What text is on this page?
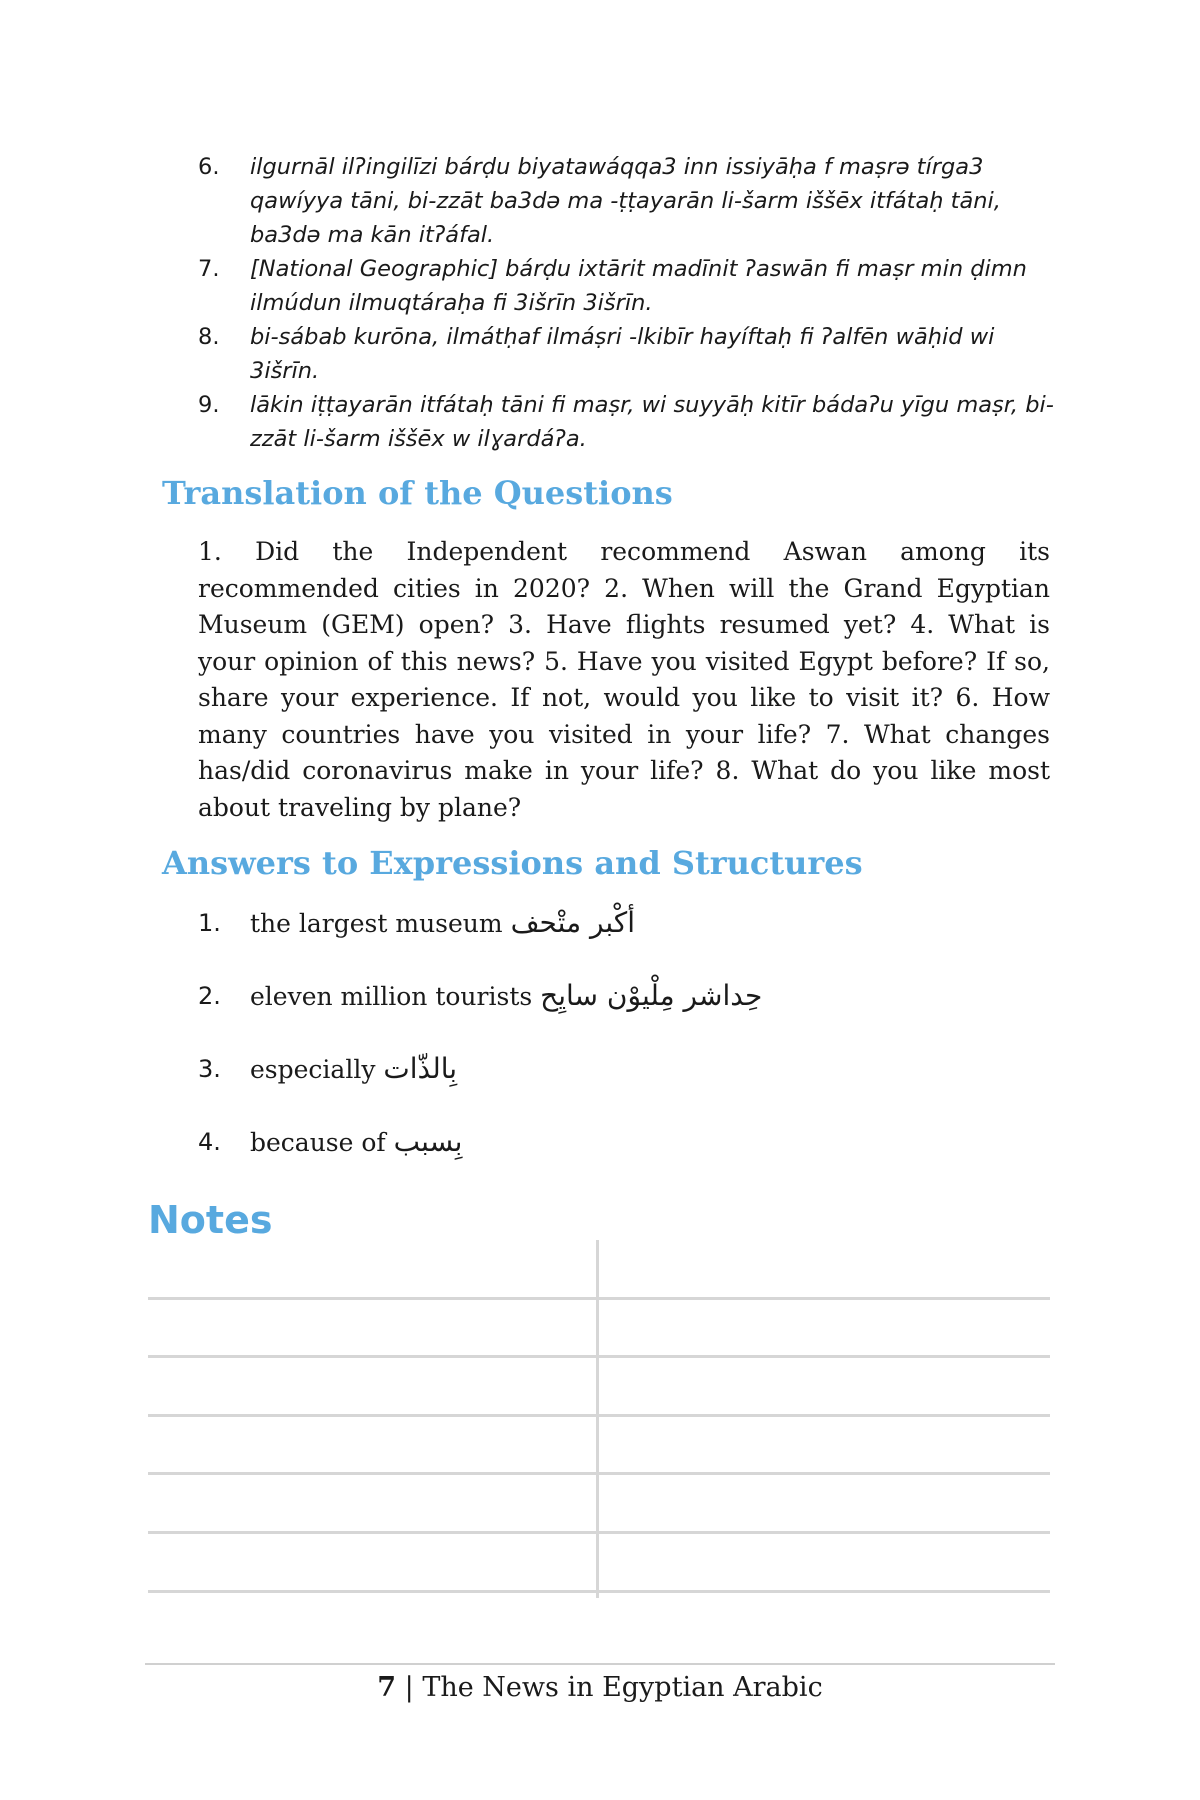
6. ilgurnāl ilʔingilīzi bárḍu biyatawáqqa3 inn issiyāḥa f maṣrə tírga3 qawíyya tāni, bi-zzāt ba3də ma -ṭṭayarān li-šarm iššēx itfátaḥ tāni, ba3də ma kān itʔáfal.
7. [National Geographic] bárḍu ixtārit madīnit ʔaswān fi maṣr min ḍimn ilmúdun ilmuqtáraḥa fi 3išrīn 3išrīn.
8. bi-sábab kurōna, ilmátḥaf ilmáṣri -lkibīr hayíftaḥ fi ʔalfēn wāḥid wi 3išrīn.
9. lākin iṭṭayarān itfátaḥ tāni fi maṣr, wi suyyāḥ kitīr bádaʔu yīgu maṣr, bi-zzāt li-šarm iššēx w ilɣardáʔa.
Translation of the Questions

1. Did the Independent recommend Aswan among its recommended cities in 2020? 2. When will the Grand Egyptian Museum (GEM) open? 3. Have flights resumed yet? 4. What is your opinion of this news? 5. Have you visited Egypt before? If so, share your experience. If not, would you like to visit it? 6. How many countries have you visited in your life? 7. What changes has/did coronavirus make in your life? 8. What do you like most about traveling by plane?

Answers to Expressions and Structures
1. the largest museum أكْبر متْحف
2. eleven million tourists حِداشر مِلْيوْن سايِح
3. especially بِالذّات
4. because of بِسبب
Notes
7 | The News in Egyptian Arabic
